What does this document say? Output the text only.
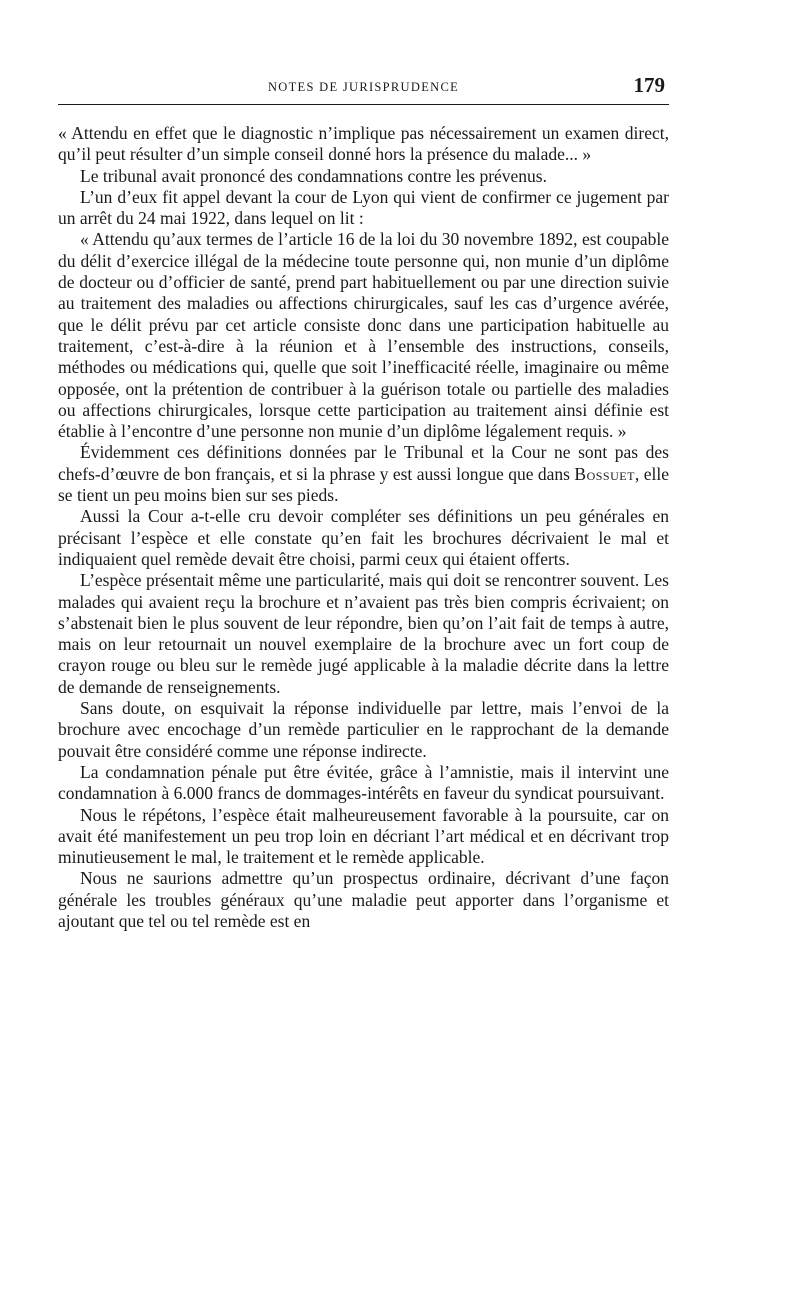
NOTES DE JURISPRUDENCE	179

« Attendu en effet que le diagnostic n’implique pas nécessairement un examen direct, qu’il peut résulter d’un simple conseil donné hors la présence du malade... »

Le tribunal avait prononcé des condamnations contre les prévenus.

L’un d’eux fit appel devant la cour de Lyon qui vient de confirmer ce jugement par un arrêt du 24 mai 1922, dans lequel on lit :

« Attendu qu’aux termes de l’article 16 de la loi du 30 novembre 1892, est coupable du délit d’exercice illégal de la médecine toute personne qui, non munie d’un diplôme de docteur ou d’officier de santé, prend part habituellement ou par une direction suivie au traitement des maladies ou affections chirurgicales, sauf les cas d’urgence avérée, que le délit prévu par cet article consiste donc dans une participation habituelle au traitement, c’est-à-dire à la réunion et à l’ensemble des instructions, conseils, méthodes ou médications qui, quelle que soit l’inefficacité réelle, imaginaire ou même opposée, ont la prétention de contribuer à la guérison totale ou partielle des maladies ou affections chirurgicales, lorsque cette participation au traitement ainsi définie est établie à l’encontre d’une personne non munie d’un diplôme légalement requis. »

Évidemment ces définitions données par le Tribunal et la Cour ne sont pas des chefs-d’œuvre de bon français, et si la phrase y est aussi longue que dans Bossuet, elle se tient un peu moins bien sur ses pieds.

Aussi la Cour a-t-elle cru devoir compléter ses définitions un peu générales en précisant l’espèce et elle constate qu’en fait les brochures décrivaient le mal et indiquaient quel remède devait être choisi, parmi ceux qui étaient offerts.

L’espèce présentait même une particularité, mais qui doit se rencontrer souvent. Les malades qui avaient reçu la brochure et n’avaient pas très bien compris écrivaient; on s’abstenait bien le plus souvent de leur répondre, bien qu’on l’ait fait de temps à autre, mais on leur retournait un nouvel exemplaire de la brochure avec un fort coup de crayon rouge ou bleu sur le remède jugé applicable à la maladie décrite dans la lettre de demande de renseignements.

Sans doute, on esquivait la réponse individuelle par lettre, mais l’envoi de la brochure avec encochage d’un remède particulier en le rapprochant de la demande pouvait être considéré comme une réponse indirecte.

La condamnation pénale put être évitée, grâce à l’amnistie, mais il intervint une condamnation à 6.000 francs de dommages-intérêts en faveur du syndicat poursuivant.

Nous le répétons, l’espèce était malheureusement favorable à la poursuite, car on avait été manifestement un peu trop loin en décriant l’art médical et en décrivant trop minutieusement le mal, le traitement et le remède applicable.

Nous ne saurions admettre qu’un prospectus ordinaire, décrivant d’une façon générale les troubles généraux qu’une maladie peut apporter dans l’organisme et ajoutant que tel ou tel remède est en
